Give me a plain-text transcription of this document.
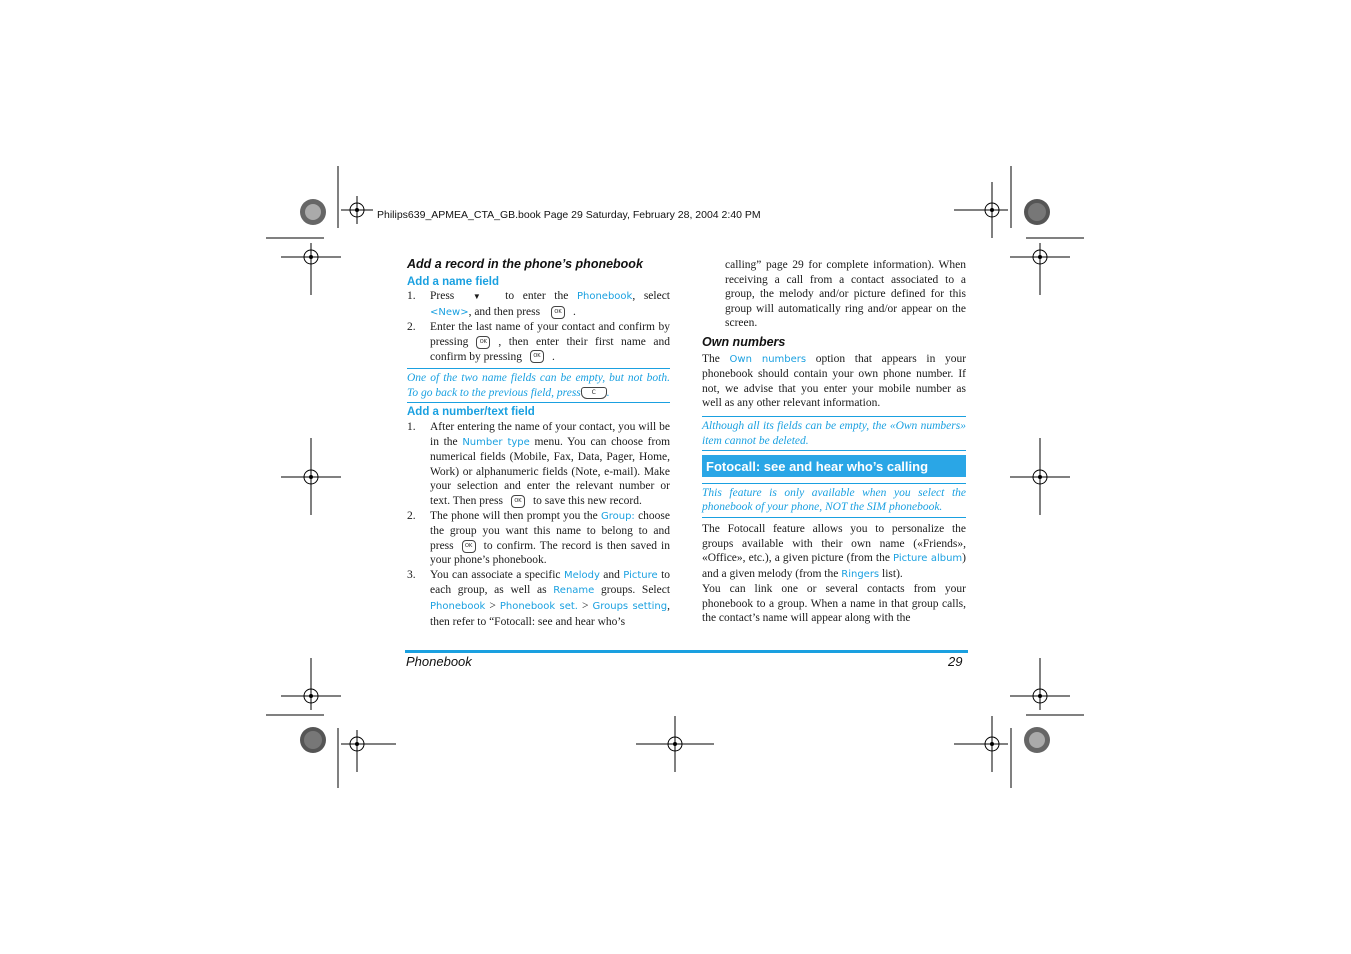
Philips639_APMEA_CTA_GB.book Page 29 Saturday, February 28, 2004 2:40 PM
Add a record in the phone’s phonebook
Add a name field
1. Press ▼ to enter the Phonebook, select <New>, and then press	OK .
2. Enter the last name of your contact and confirm by pressing OK , then enter their first name and confirm by pressing OK .
One of the two name fields can be empty, but not both. To go back to the previous field, press C .
Add a number/text field
1. After entering the name of your contact, you will be in the Number type menu. You can choose from numerical fields (Mobile, Fax, Data, Pager, Home, Work) or alphanumeric fields (Note, e-mail). Make your selection and enter the relevant number or text. Then press OK to save this new record.
2. The phone will then prompt you the Group: choose the group you want this name to belong to and press OK to confirm. The record is then saved in your phone’s phonebook.
3. You can associate a specific Melody and Picture to each group, as well as Rename groups. Select Phonebook > Phonebook set. > Groups setting, then refer to “Fotocall: see and hear who’s
calling” page 29 for complete information). When receiving a call from a contact associated to a group, the melody and/or picture defined for this group will automatically ring and/or appear on the screen.
Own numbers
The Own numbers option that appears in your phonebook should contain your own phone number. If not, we advise that you enter your mobile number as well as any other relevant information.
Although all its fields can be empty, the «Own numbers» item cannot be deleted.
Fotocall: see and hear who’s calling
This feature is only available when you select the phonebook of your phone, NOT the SIM phonebook.
The Fotocall feature allows you to personalize the groups available with their own name («Friends», «Office», etc.), a given picture (from the Picture album) and a given melody (from the Ringers list).
You can link one or several contacts from your phonebook to a group. When a name in that group calls, the contact’s name will appear along with the
Phonebook	29
